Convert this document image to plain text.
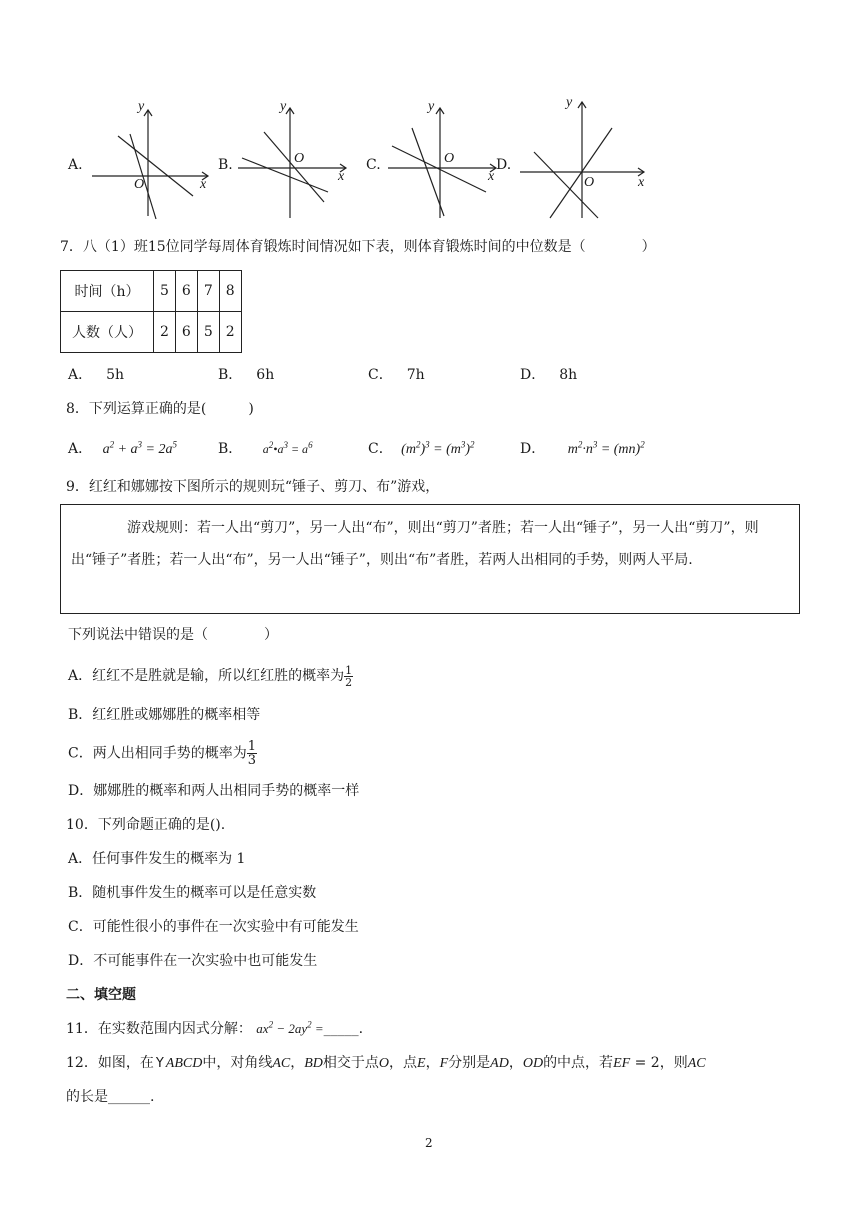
A.
y
x
O
B.
y
x
O	C.
y
x
O	D.
y
x
O
7．八（1）班15位同学每周体育锻炼时间情况如下表，则体育锻炼时间的中位数是（　　　　）
时间（h）	5	6	7	8
人数（人）	2	6	5	2
A． 5h	B． 6h	C． 7h	D． 8h
8．下列运算正确的是(　　　)
A． $a^2 + a^3 = 2a^5$	B． $a^2•a^3 = a^6$	C． $(m^2)^3 = (m^3)^2$	D． $m^2\cdot n^3 = (mn)^2$
9．红红和娜娜按下图所示的规则玩“锤子、剪刀、布”游戏，

游戏规则：若一人出“剪刀”，另一人出“布”，则出“剪刀”者胜；若一人出“锤子”，另一人出“剪刀”，则出“锤子”者胜；若一人出“布”，另一人出“锤子”，则出“布”者胜，若两人出相同的手势，则两人平局.

下列说法中错误的是（　　　　）
A．红红不是胜就是输，所以红红胜的概率为 $\frac{1}{2}$
B．红红胜或娜娜胜的概率相等
C．两人出相同手势的概率为 $\frac{1}{3}$
D．娜娜胜的概率和两人出相同手势的概率一样
10．下列命题正确的是().
A．任何事件发生的概率为 1
B．随机事件发生的概率可以是任意实数
C．可能性很小的事件在一次实验中有可能发生
D．不可能事件在一次实验中也可能发生
二、填空题
11．在实数范围内因式分解： $ax^2 - 2ay^2$ =_____.
12．如图，在 Y ABCD中，对角线AC，BD相交于点O，点E，F分别是AD，OD的中点，若EF = 2，则AC
的长是______.
2
